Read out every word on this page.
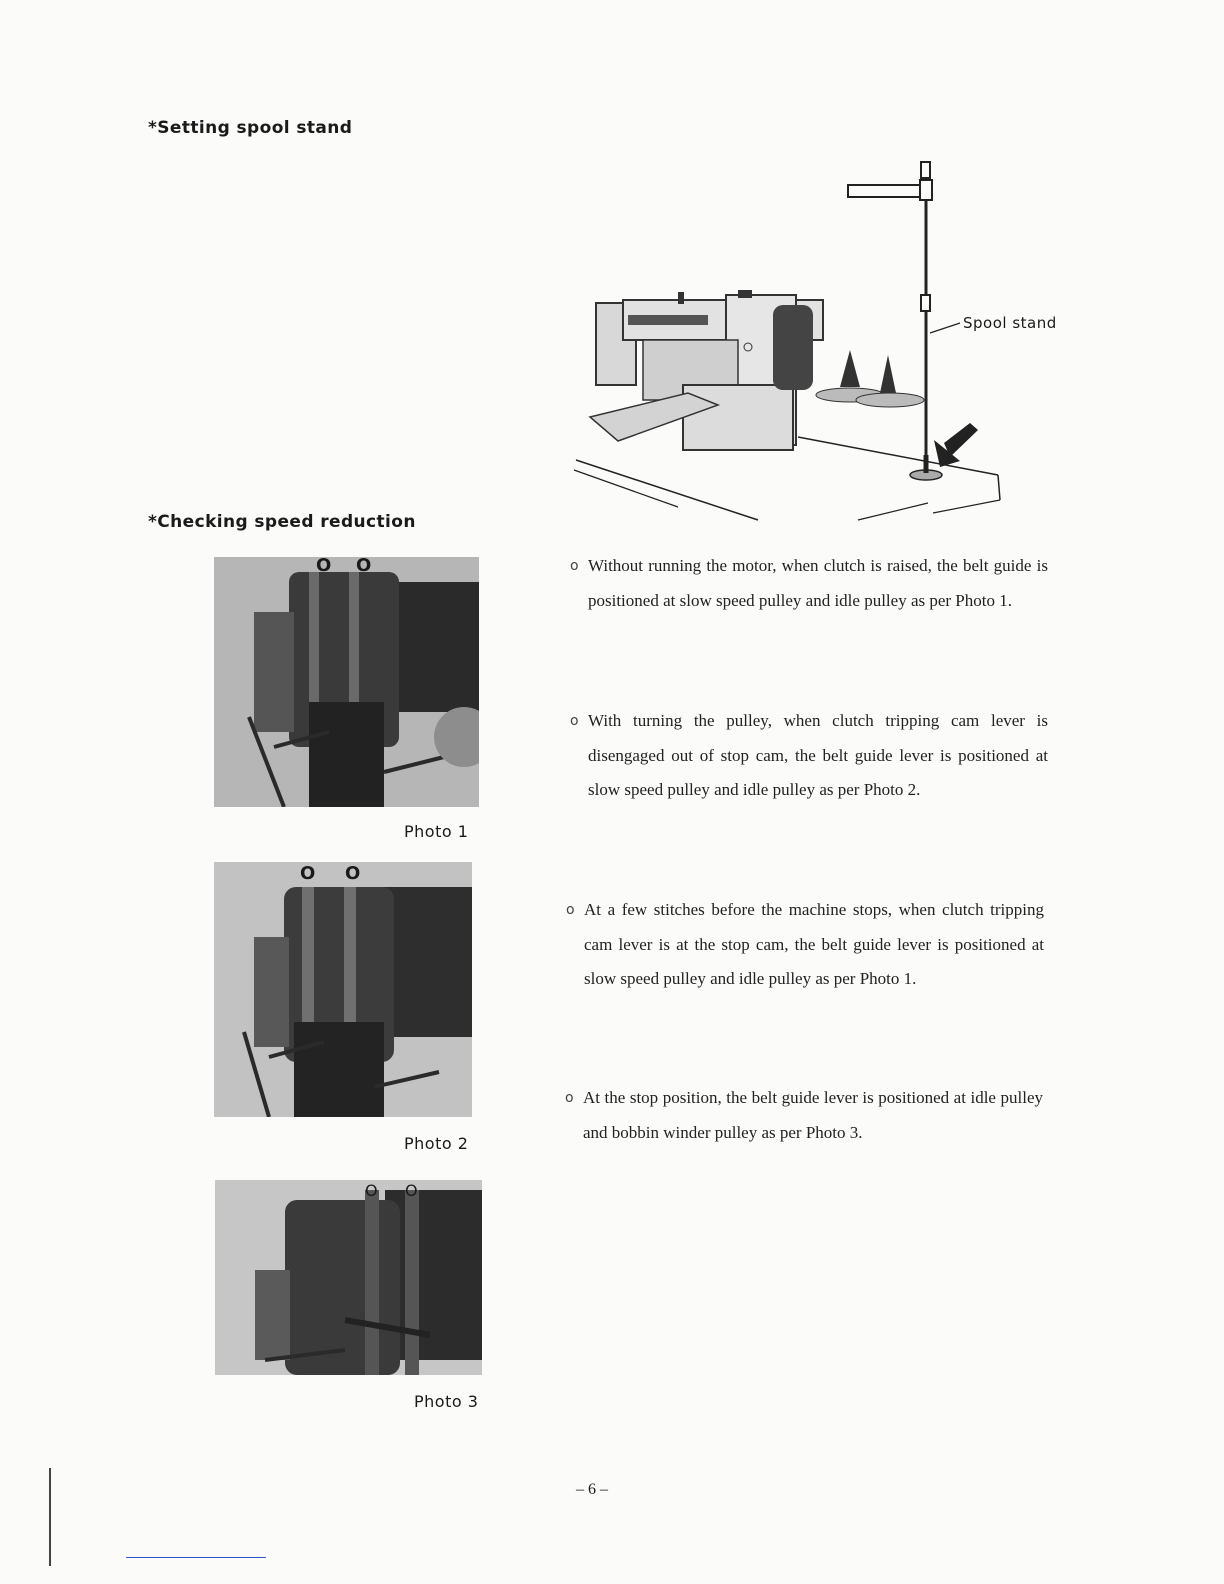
*Setting spool stand
*Checking speed reduction
Spool stand
O O
Photo 1
O O
Photo 2
O O
Photo 3
o Without running the motor, when clutch is raised, the belt guide is positioned at slow speed pulley and idle pulley as per Photo 1.
o With turning the pulley, when clutch tripping cam lever is disengaged out of stop cam, the belt guide lever is positioned at slow speed pulley and idle pulley as per Photo 2.
o At a few stitches before the machine stops, when clutch tripping cam lever is at the stop cam, the belt guide lever is positioned at slow speed pulley and idle pulley as per Photo 1.
o At the stop position, the belt guide lever is positioned at idle pulley and bobbin winder pulley as per Photo 3.
– 6 –
